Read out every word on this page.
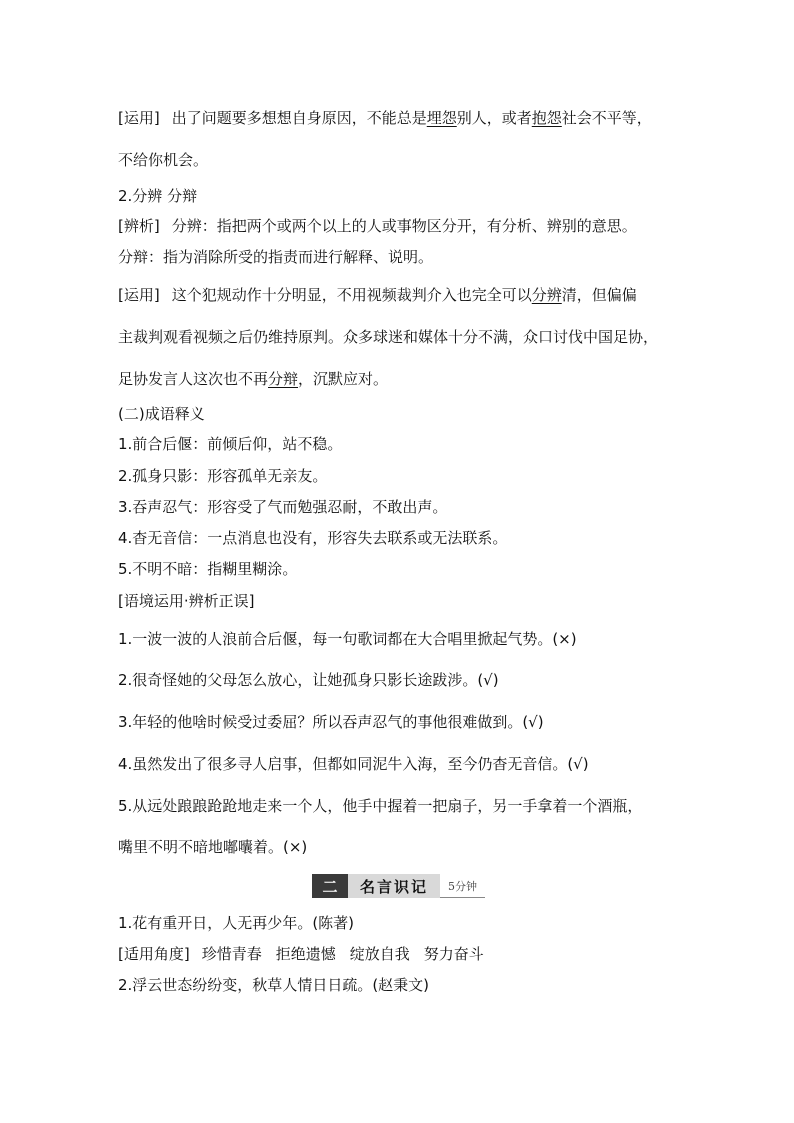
[运用] 出了问题要多想想自身原因，不能总是埋怨别人，或者抱怨社会不平等，
不给你机会。
2.分辨 分辩
[辨析] 分辨：指把两个或两个以上的人或事物区分开，有分析、辨别的意思。
分辩：指为消除所受的指责而进行解释、说明。
[运用] 这个犯规动作十分明显，不用视频裁判介入也完全可以分辨清，但偏偏
主裁判观看视频之后仍维持原判。众多球迷和媒体十分不满，众口讨伐中国足协，
足协发言人这次也不再分辩，沉默应对。
(二)成语释义
1.前合后偃：前倾后仰，站不稳。
2.孤身只影：形容孤单无亲友。
3.吞声忍气：形容受了气而勉强忍耐，不敢出声。
4.杳无音信：一点消息也没有，形容失去联系或无法联系。
5.不明不暗：指糊里糊涂。
[语境运用·辨析正误]
1.一波一波的人浪前合后偃，每一句歌词都在大合唱里掀起气势。(×)
2.很奇怪她的父母怎么放心，让她孤身只影长途跋涉。(√)
3.年轻的他啥时候受过委屈？所以吞声忍气的事他很难做到。(√)
4.虽然发出了很多寻人启事，但都如同泥牛入海，至今仍杳无音信。(√)
5.从远处踉踉跄跄地走来一个人，他手中握着一把扇子，另一手拿着一个酒瓶，
嘴里不明不暗地嘟囔着。(×)
二	名言识记	5分钟
1.花有重开日，人无再少年。(陈著)
[适用角度] 珍惜青春 拒绝遗憾 绽放自我 努力奋斗
2.浮云世态纷纷变，秋草人情日日疏。(赵秉文)
